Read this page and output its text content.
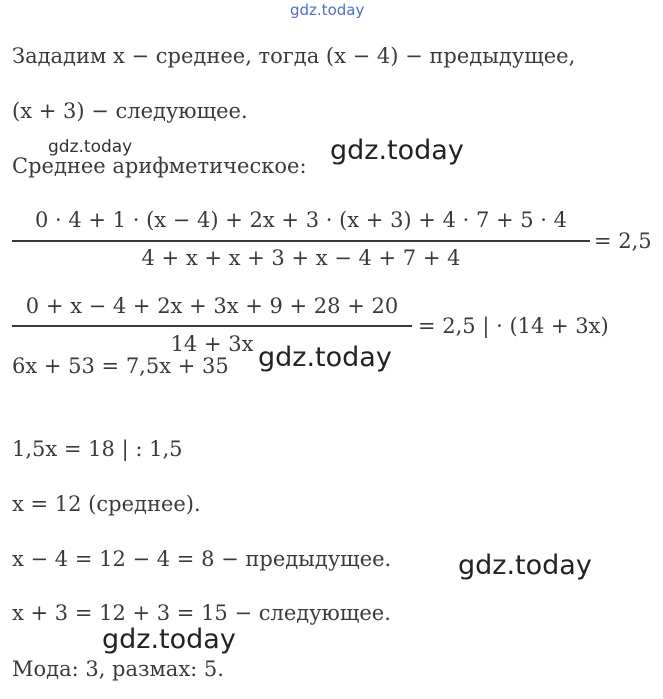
gdz.today
Зададим x − среднее, тогда (x − 4) − предыдущее,
(x + 3) − следующее.
gdz.today
Среднее арифметическое: gdz.today
0 · 4 + 1 · (x − 4) + 2x + 3 · (x + 3) + 4 · 7 + 5 · 4
4 + x + x + 3 + x − 4 + 7 + 4
= 2,5
0 + x − 4 + 2x + 3x + 9 + 28 + 20
14 + 3x
= 2,5 | · (14 + 3x)
gdz.today
6x + 53 = 7,5x + 35
1,5x = 18 | : 1,5
x = 12 (среднее).
x − 4 = 12 − 4 = 8 − предыдущее. gdz.today
x + 3 = 12 + 3 = 15 − следующее.
gdz.today
Мода: 3, размах: 5.
